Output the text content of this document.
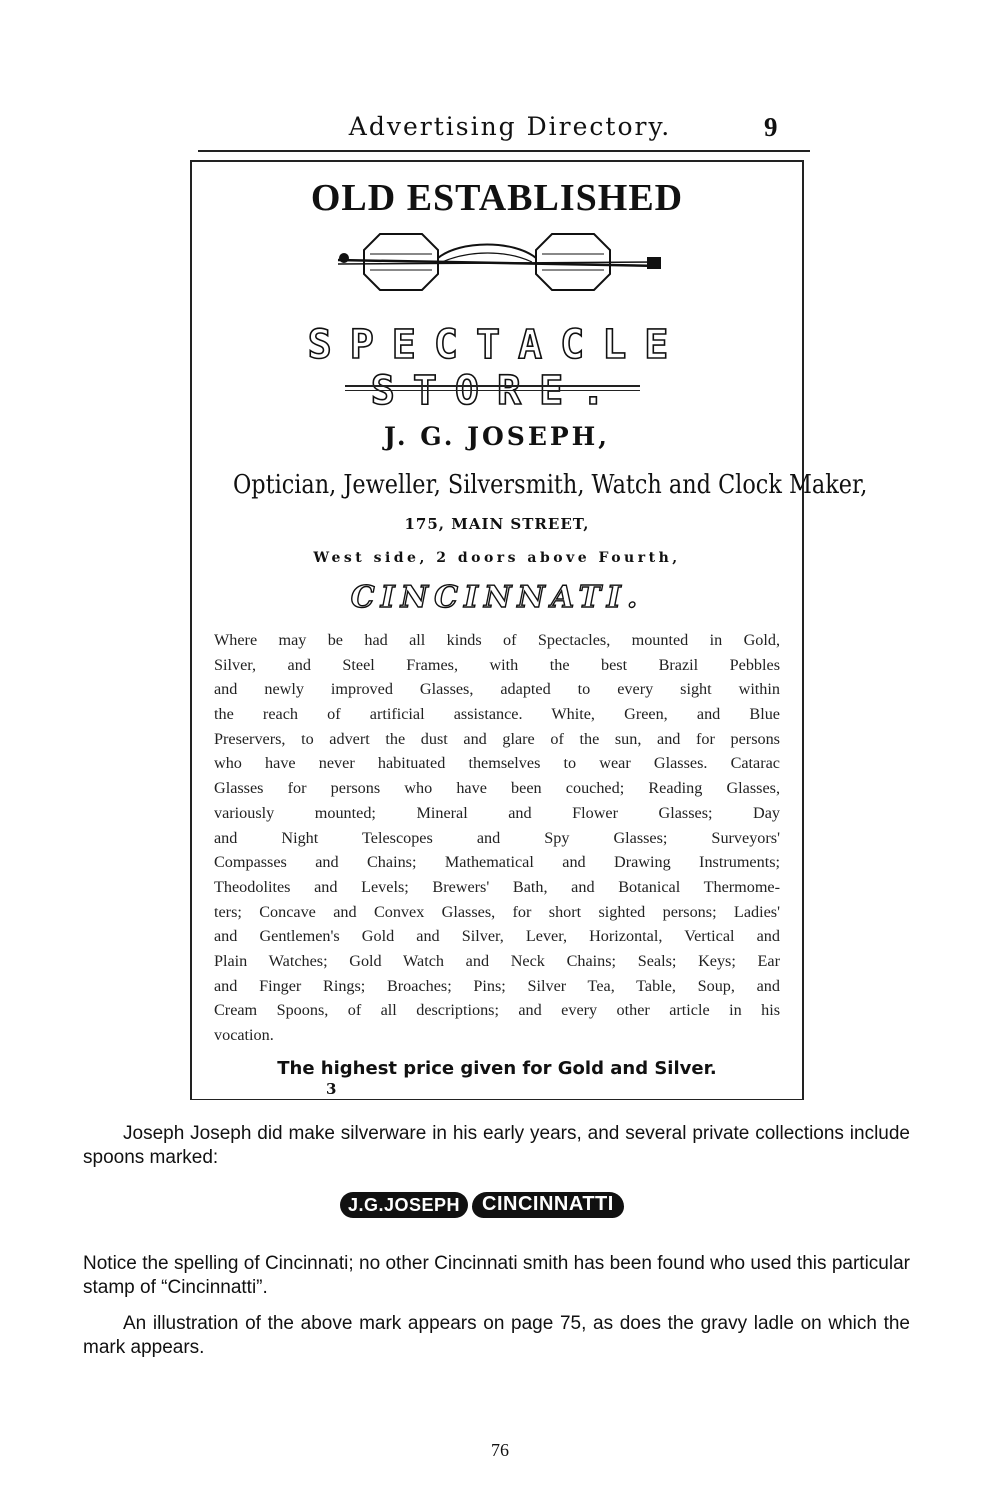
Advertising Directory.	9
OLD ESTABLISHED
SPECTACLE STORE.
J. G. JOSEPH,
Optician, Jeweller, Silversmith, Watch and Clock Maker,
175, MAIN STREET,
West side, 2 doors above Fourth,
CINCINNATI.
Where may be had all kinds of Spectacles, mounted in Gold,
Silver, and Steel Frames, with the best Brazil Pebbles
and newly improved Glasses, adapted to every sight within
the reach of artificial assistance. White, Green, and Blue
Preservers, to advert the dust and glare of the sun, and for persons
who have never habituated themselves to wear Glasses. Catarac
Glasses for persons who have been couched; Reading Glasses,
variously mounted; Mineral and Flower Glasses; Day
and Night Telescopes and Spy Glasses; Surveyors'
Compasses and Chains; Mathematical and Drawing Instruments;
Theodolites and Levels; Brewers' Bath, and Botanical Thermome-
ters; Concave and Convex Glasses, for short sighted persons; Ladies'
and Gentlemen's Gold and Silver, Lever, Horizontal, Vertical and
Plain Watches; Gold Watch and Neck Chains; Seals; Keys; Ear
and Finger Rings; Broaches; Pins; Silver Tea, Table, Soup, and
Cream Spoons, of all descriptions; and every other article in his
vocation.
The highest price given for Gold and Silver.
3
Joseph Joseph did make silverware in his early years, and several private collections include spoons marked:
J.G.JOSEPH	CINCINNATTI
Notice the spelling of Cincinnati; no other Cincinnati smith has been found who used this particular stamp of “Cincinnatti”.
An illustration of the above mark appears on page 75, as does the gravy ladle on which the mark appears.
76
